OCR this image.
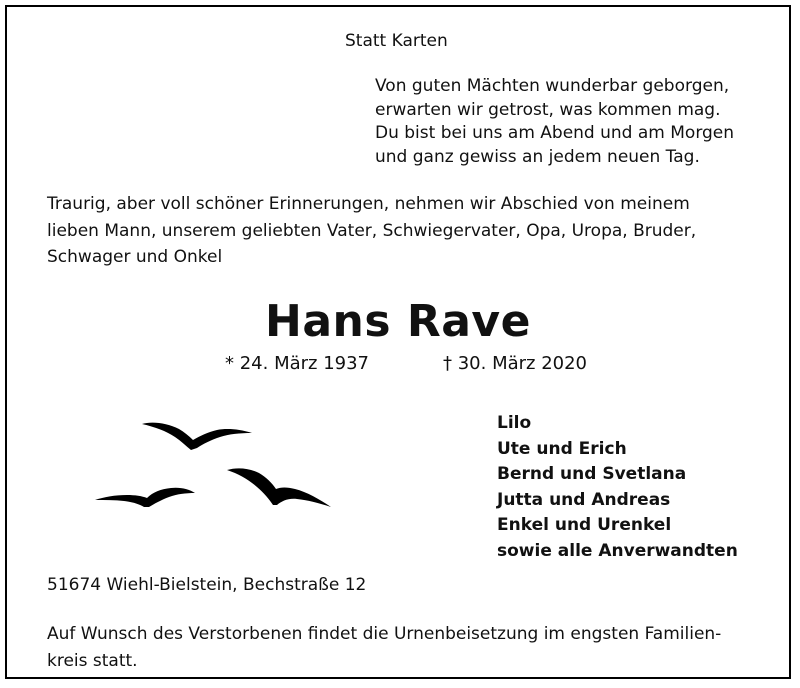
Statt Karten
Von guten Mächten wunderbar geborgen,
erwarten wir getrost, was kommen mag.
Du bist bei uns am Abend und am Morgen
und ganz gewiss an jedem neuen Tag.
Traurig, aber voll schöner Erinnerungen, nehmen wir Abschied von meinem
lieben Mann, unserem geliebten Vater, Schwiegervater, Opa, Uropa, Bruder,
Schwager und Onkel
Hans Rave
* 24. März 1937	† 30. März 2020
Lilo
Ute und Erich
Bernd und Svetlana
Jutta und Andreas
Enkel und Urenkel
sowie alle Anverwandten
51674 Wiehl-Bielstein, Bechstraße 12
Auf Wunsch des Verstorbenen findet die Urnenbeisetzung im engsten Familien-
kreis statt.
